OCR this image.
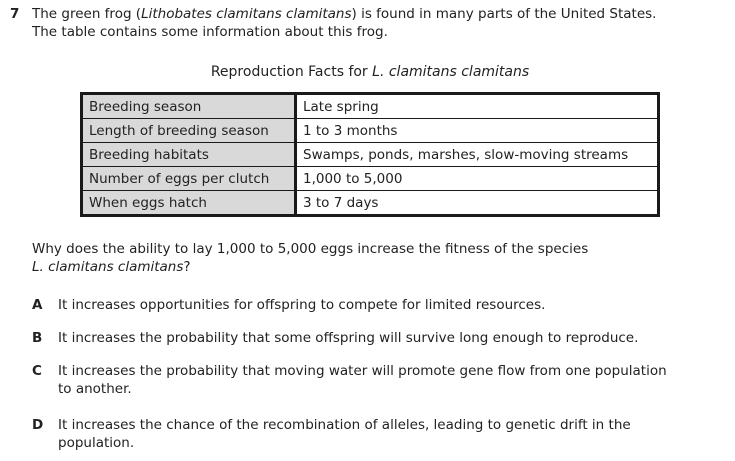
7 The green frog (Lithobates clamitans clamitans) is found in many parts of the United States.
The table contains some information about this frog.
Reproduction Facts for L. clamitans clamitans
Breeding season	Late spring
Length of breeding season	1 to 3 months
Breeding habitats	Swamps, ponds, marshes, slow-moving streams
Number of eggs per clutch	1,000 to 5,000
When eggs hatch	3 to 7 days
Why does the ability to lay 1,000 to 5,000 eggs increase the fitness of the species
L. clamitans clamitans?
A It increases opportunities for offspring to compete for limited resources.
B It increases the probability that some offspring will survive long enough to reproduce.
C It increases the probability that moving water will promote gene flow from one population
to another.
D It increases the chance of the recombination of alleles, leading to genetic drift in the
population.
